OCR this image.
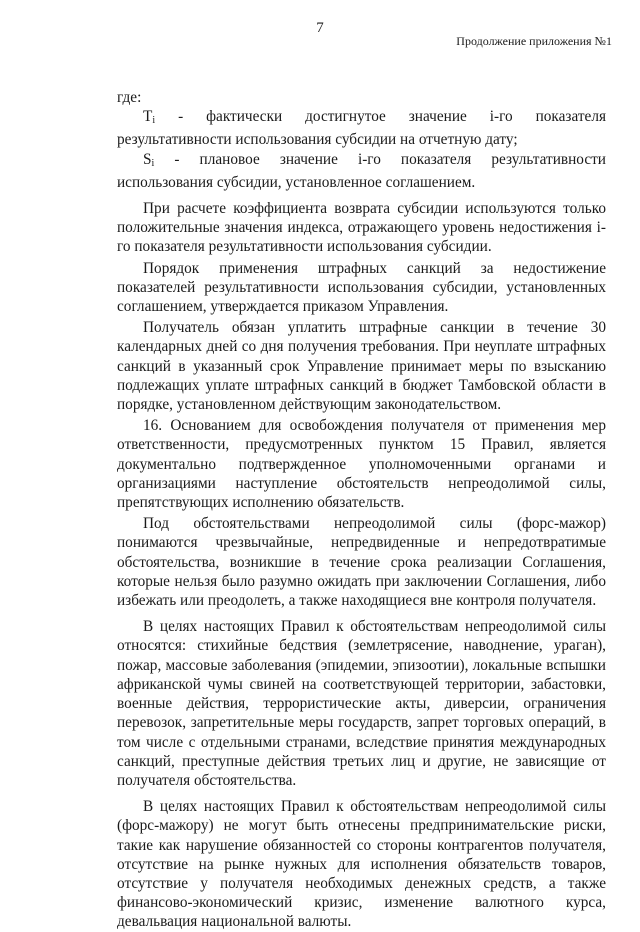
7
Продолжение приложения №1

где:

$T_i$ - фактически достигнутое значение i-го показателя результативности использования субсидии на отчетную дату;

$S_i$ - плановое значение i-го показателя результативности использования субсидии, установленное соглашением.

При расчете коэффициента возврата субсидии используются только положительные значения индекса, отражающего уровень недостижения i-го показателя результативности использования субсидии.

Порядок применения штрафных санкций за недостижение показателей результативности использования субсидии, установленных соглашением, утверждается приказом Управления.

Получатель обязан уплатить штрафные санкции в течение 30 календарных дней со дня получения требования. При неуплате штрафных санкций в указанный срок Управление принимает меры по взысканию подлежащих уплате штрафных санкций в бюджет Тамбовской области в порядке, установленном действующим законодательством.

16. Основанием для освобождения получателя от применения мер ответственности, предусмотренных пунктом 15 Правил, является документально подтвержденное уполномоченными органами и организациями наступление обстоятельств непреодолимой силы, препятствующих исполнению обязательств.

Под обстоятельствами непреодолимой силы (форс-мажор) понимаются чрезвычайные, непредвиденные и непредотвратимые обстоятельства, возникшие в течение срока реализации Соглашения, которые нельзя было разумно ожидать при заключении Соглашения, либо избежать или преодолеть, а также находящиеся вне контроля получателя.

В целях настоящих Правил к обстоятельствам непреодолимой силы относятся: стихийные бедствия (землетрясение, наводнение, ураган), пожар, массовые заболевания (эпидемии, эпизоотии), локальные вспышки африканской чумы свиней на соответствующей территории, забастовки, военные действия, террористические акты, диверсии, ограничения перевозок, запретительные меры государств, запрет торговых операций, в том числе с отдельными странами, вследствие принятия международных санкций, преступные действия третьих лиц и другие, не зависящие от получателя обстоятельства.

В целях настоящих Правил к обстоятельствам непреодолимой силы (форс-мажору) не могут быть отнесены предпринимательские риски, такие как нарушение обязанностей со стороны контрагентов получателя, отсутствие на рынке нужных для исполнения обязательств товаров, отсутствие у получателя необходимых денежных средств, а также финансово-экономический кризис, изменение валютного курса, девальвация национальной валюты.
